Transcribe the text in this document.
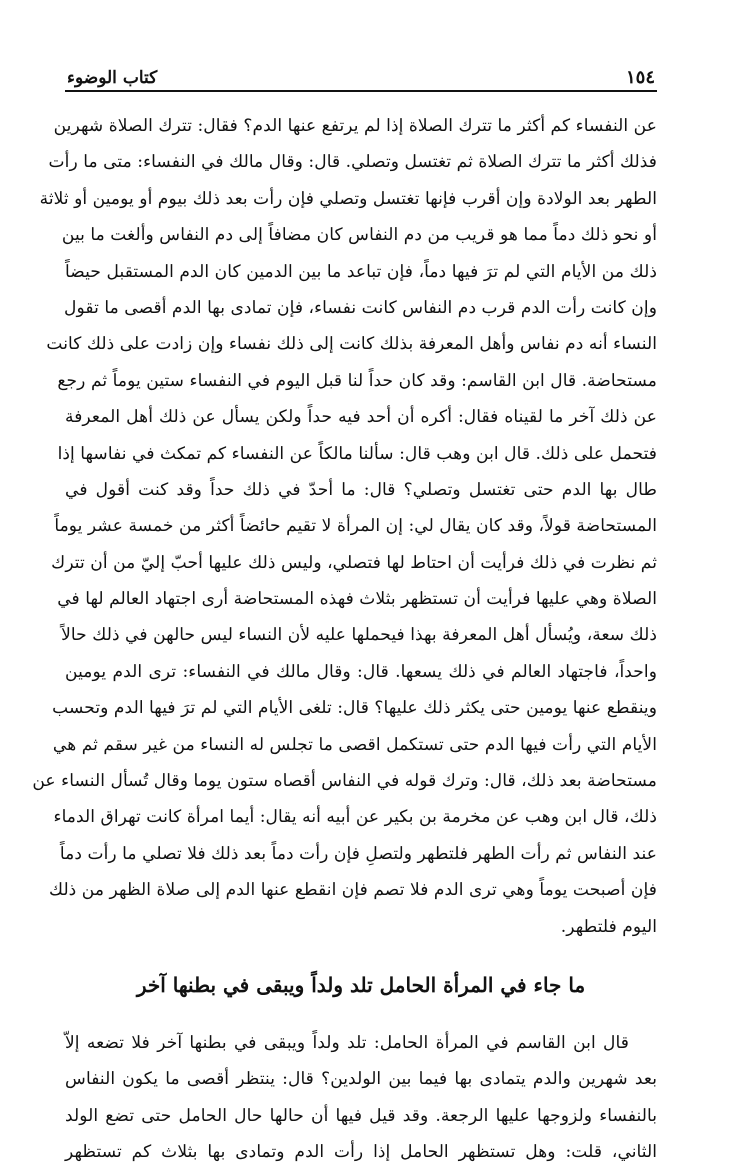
١٥٤
كتاب الوضوء
عن النفساء كم أكثر ما تترك الصلاة إذا لم يرتفع عنها الدم؟ فقال: تترك الصلاة شهرين
فذلك أكثر ما تترك الصلاة ثم تغتسل وتصلي. قال: وقال مالك في النفساء: متى ما رأت
الطهر بعد الولادة وإن أقرب فإنها تغتسل وتصلي فإن رأت بعد ذلك بيوم أو يومين أو ثلاثة
أو نحو ذلك دماً مما هو قريب من دم النفاس كان مضافاً إلى دم النفاس وألغت ما بين
ذلك من الأيام التي لم ترَ فيها دماً، فإن تباعد ما بين الدمين كان الدم المستقبل حيضاً
وإن كانت رأت الدم قرب دم النفاس كانت نفساء، فإن تمادى بها الدم أقصى ما تقول
النساء أنه دم نفاس وأهل المعرفة بذلك كانت إلى ذلك نفساء وإن زادت على ذلك كانت
مستحاضة. قال ابن القاسم: وقد كان حداً لنا قبل اليوم في النفساء ستين يوماً ثم رجع
عن ذلك آخر ما لقيناه فقال: أكره أن أحد فيه حداً ولكن يسأل عن ذلك أهل المعرفة
فتحمل على ذلك. قال ابن وهب قال: سألنا مالكاً عن النفساء كم تمكث في نفاسها إذا
طال بها الدم حتى تغتسل وتصلي؟ قال: ما أحدّ في ذلك حداً وقد كنت أقول في
المستحاضة قولاً، وقد كان يقال لي: إن المرأة لا تقيم حائضاً أكثر من خمسة عشر يوماً
ثم نظرت في ذلك فرأيت أن احتاط لها فتصلي، وليس ذلك عليها أحبّ إليّ من أن تترك
الصلاة وهي عليها فرأيت أن تستظهر بثلاث فهذه المستحاضة أرى اجتهاد العالم لها في
ذلك سعة، ويُسأل أهل المعرفة بهذا فيحملها عليه لأن النساء ليس حالهن في ذلك حالاً
واحداً، فاجتهاد العالم في ذلك يسعها. قال: وقال مالك في النفساء: ترى الدم يومين
وينقطع عنها يومين حتى يكثر ذلك عليها؟ قال: تلغى الأيام التي لم ترَ فيها الدم وتحسب
الأيام التي رأت فيها الدم حتى تستكمل اقصى ما تجلس له النساء من غير سقم ثم هي
مستحاضة بعد ذلك، قال: وترك قوله في النفاس أقصاه ستون يوما وقال تُسأل النساء عن
ذلك، قال ابن وهب عن مخرمة بن بكير عن أبيه أنه يقال: أيما امرأة كانت تهراق الدماء
عند النفاس ثم رأت الطهر فلتطهر ولتصلِ فإن رأت دماً بعد ذلك فلا تصلي ما رأت دماً
فإن أصبحت يوماً وهي ترى الدم فلا تصم فإن انقطع عنها الدم إلى صلاة الظهر من ذلك
اليوم فلتطهر.
ما جاء في المرأة الحامل تلد ولداً ويبقى في بطنها آخر
قال ابن القاسم في المرأة الحامل: تلد ولداً ويبقى في بطنها آخر فلا تضعه إلاّ
بعد شهرين والدم يتمادى بها فيما بين الولدين؟ قال: ينتظر أقصى ما يكون النفاس
بالنفساء ولزوجها عليها الرجعة. وقد قيل فيها أن حالها حال الحامل حتى تضع الولد
الثاني، قلت: وهل تستظهر الحامل إذا رأت الدم وتمادى بها بثلاث كم تستظهر
